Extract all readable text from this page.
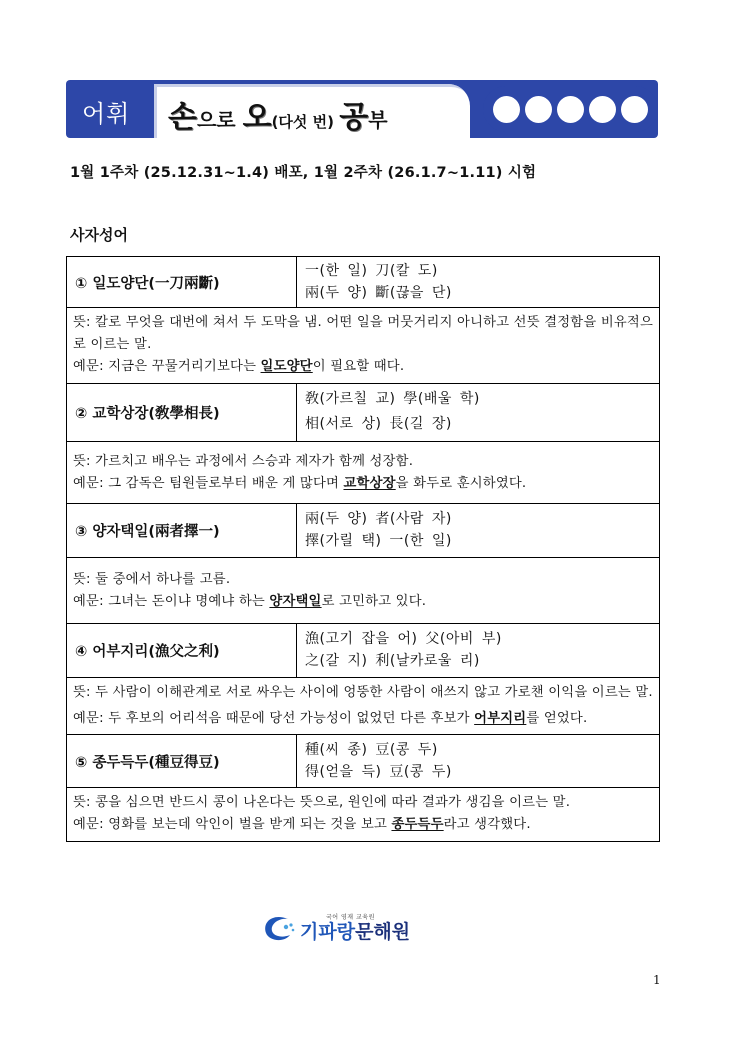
어휘 손으로 오(다섯 번) 공부
1월 1주차 (25.12.31~1.4) 배포, 1월 2주차 (26.1.7~1.11) 시험
사자성어
① 일도양단(一刀兩斷)
一(한 일) 刀(칼 도)
兩(두 양) 斷(끊을 단)
뜻: 칼로 무엇을 대번에 쳐서 두 도막을 냄. 어떤 일을 머뭇거리지 아니하고 선뜻 결정함을 비유적으로 이르는 말.
예문: 지금은 꾸물거리기보다는 일도양단이 필요할 때다.
② 교학상장(敎學相長)
敎(가르칠 교) 學(배울 학)
相(서로 상) 長(길 장)
뜻: 가르치고 배우는 과정에서 스승과 제자가 함께 성장함.
예문: 그 감독은 팀원들로부터 배운 게 많다며 교학상장을 화두로 훈시하였다.
③ 양자택일(兩者擇一)
兩(두 양) 者(사람 자)
擇(가릴 택) 一(한 일)
뜻: 둘 중에서 하나를 고름.
예문: 그녀는 돈이냐 명예냐 하는 양자택일로 고민하고 있다.
④ 어부지리(漁父之利)
漁(고기 잡을 어) 父(아비 부)
之(갈 지) 利(날카로울 리)
뜻: 두 사람이 이해관계로 서로 싸우는 사이에 엉뚱한 사람이 애쓰지 않고 가로챈 이익을 이르는 말.
예문: 두 후보의 어리석음 때문에 당선 가능성이 없었던 다른 후보가 어부지리를 얻었다.
⑤ 종두득두(種豆得豆)
種(씨 종) 豆(콩 두)
得(얻을 득) 豆(콩 두)
뜻: 콩을 심으면 반드시 콩이 나온다는 뜻으로, 원인에 따라 결과가 생김을 이르는 말.
예문: 영화를 보는데 악인이 벌을 받게 되는 것을 보고 종두득두라고 생각했다.
국어 영재 교육원
기파랑문해원
1
